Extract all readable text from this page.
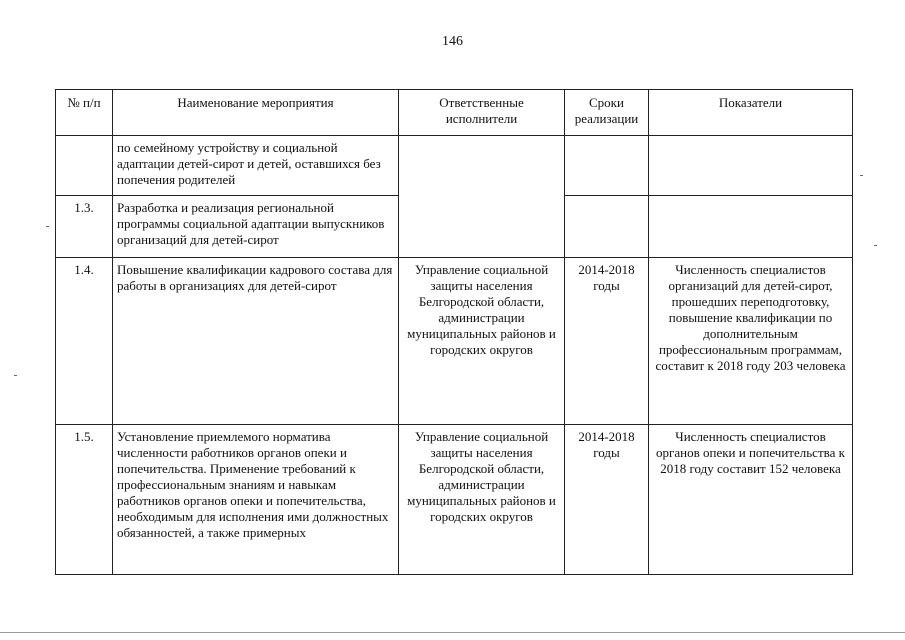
146
№ п/п	Наименование мероприятия	Ответственные исполнители	Сроки реализации	Показатели
	по семейному устройству и социальной адаптации детей-сирот и детей, оставшихся без попечения родителей			
1.3.	Разработка и реализация региональной программы социальной адаптации выпускников организаций для детей-сирот			
1.4.	Повышение квалификации кадрового состава для работы в организациях для детей-сирот	Управление социальной защиты населения Белгородской области, администрации муниципальных районов и городских округов	2014-2018 годы	Численность специалистов организаций для детей-сирот, прошедших переподготовку, повышение квалификации по дополнительным профессиональным программам, составит к 2018 году 203 человека
1.5.	Установление приемлемого норматива численности работников органов опеки и попечительства. Применение требований к профессиональным знаниям и навыкам работников органов опеки и попечительства, необходимым для исполнения ими должностных обязанностей, а также примерных	Управление социальной защиты населения Белгородской области, администрации муниципальных районов и городских округов	2014-2018 годы	Численность специалистов органов опеки и попечительства к 2018 году составит 152 человека
